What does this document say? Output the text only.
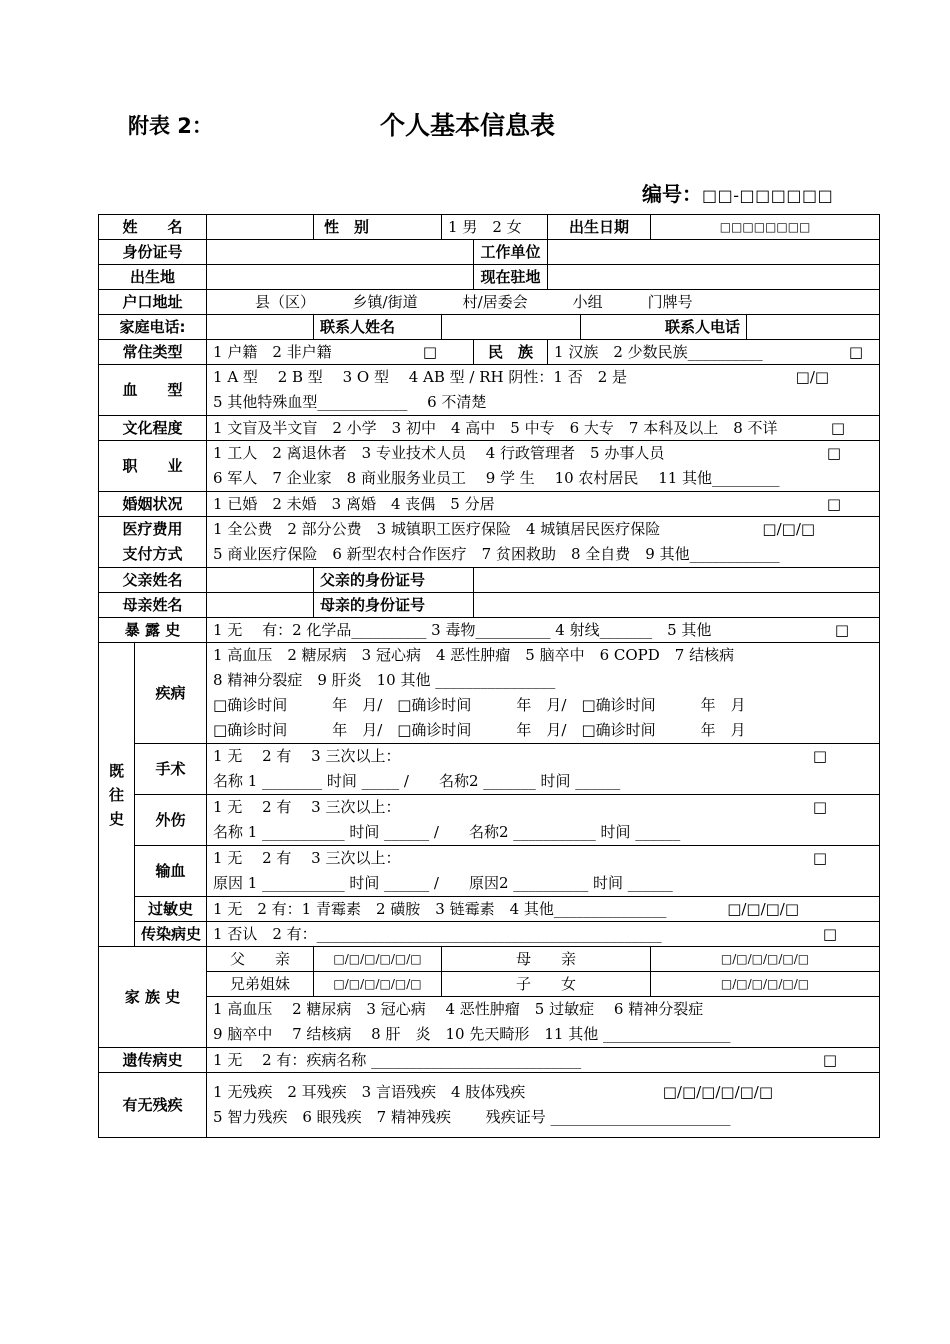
附表 2：	个人基本信息表
编号：□□-□□□□□□
姓　　名			性　别	1 男　2 女		出生日期		□□□□□□□□	
身份证号					工作单位				
出生地					现在驻地				
户口地址		县（区）　　　乡镇/街道　　　村/居委会　　　小组　　　门牌号							
家庭电话:			联系人姓名				联系人电话		
常住类型		1 户籍　2 非户籍 □			民　族	1 汉族　2 少数民族__________ □			

血　　型		1 A 型　 2 B 型　 3 O 型　 4 AB 型 / RH 阴性：1 否　2 是 □/□
5 其他特殊血型____________　 6 不清楚							

文化程度		1 文盲及半文盲　2 小学　3 初中　4 高中　5 中专　6 大专　7 本科及以上　8 不详 □							

职　　业		1 工人　2 离退休者　3 专业技术人员　 4 行政管理者　5 办事人员 □
6 军人　7 企业家　8 商业服务业员工　 9 学 生　 10 农村居民　 11 其他_________							

婚姻状况		1 已婚　2 未婚　3 离婚　4 丧偶　5 分居 □							

医疗费用
支付方式		1 全公费　2 部分公费　3 城镇职工医疗保险　4 城镇居民医疗保险 □/□/□
5 商业医疗保险　6 新型农村合作医疗　7 贫困救助　8 全自费　9 其他____________							

父亲姓名			父亲的身份证号						
母亲姓名			母亲的身份证号						
暴 露 史		1 无　 有：2 化学品__________ 3 毒物__________ 4 射线_______　5 其他 □							

既往史	疾病	1 高血压　2 糖尿病　3 冠心病　4 恶性肿瘤　5 脑卒中　6 COPD　7 结核病
8 精神分裂症　9 肝炎　10 其他 ________________
□确诊时间　　　年　月/　□确诊时间　　　年　月/　□确诊时间　　　年　月
□确诊时间　　　年　月/　□确诊时间　　　年　月/　□确诊时间　　　年　月							

	手术	1 无　 2 有　 3 三次以上： □
名称 1 ________ 时间 _____ /　　名称2 _______ 时间 ______							

	外伤	1 无　 2 有　 3 三次以上： □
名称 1 ___________ 时间 ______ /　　名称2 ___________ 时间 ______							

	输血	1 无　 2 有　 3 三次以上： □
原因 1 ___________ 时间 ______ /　　原因2 __________ 时间 ______							

	过敏史	1 无　2 有：1 青霉素　2 磺胺　3 链霉素　4 其他_______________ □/□/□/□							

	传染病史	1 否认　2 有：______________________________________________ □							

家 族 史		父　　亲	□/□/□/□/□/□	母　　亲				□/□/□/□/□/□	
		兄弟姐妹	□/□/□/□/□/□	子　　女				□/□/□/□/□/□	

		1 高血压　 2 糖尿病　3 冠心病　 4 恶性肿瘤　5 过敏症　 6 精神分裂症
9 脑卒中　 7 结核病　 8 肝　炎　10 先天畸形　11 其他 _________________							

遗传病史		1 无　 2 有：疾病名称 ____________________________ □							

有无残疾		1 无残疾　2 耳残疾　3 言语残疾　4 肢体残疾 □/□/□/□/□/□
5 智力残疾　6 眼残疾　7 精神残疾　　 残疾证号 ________________________							
